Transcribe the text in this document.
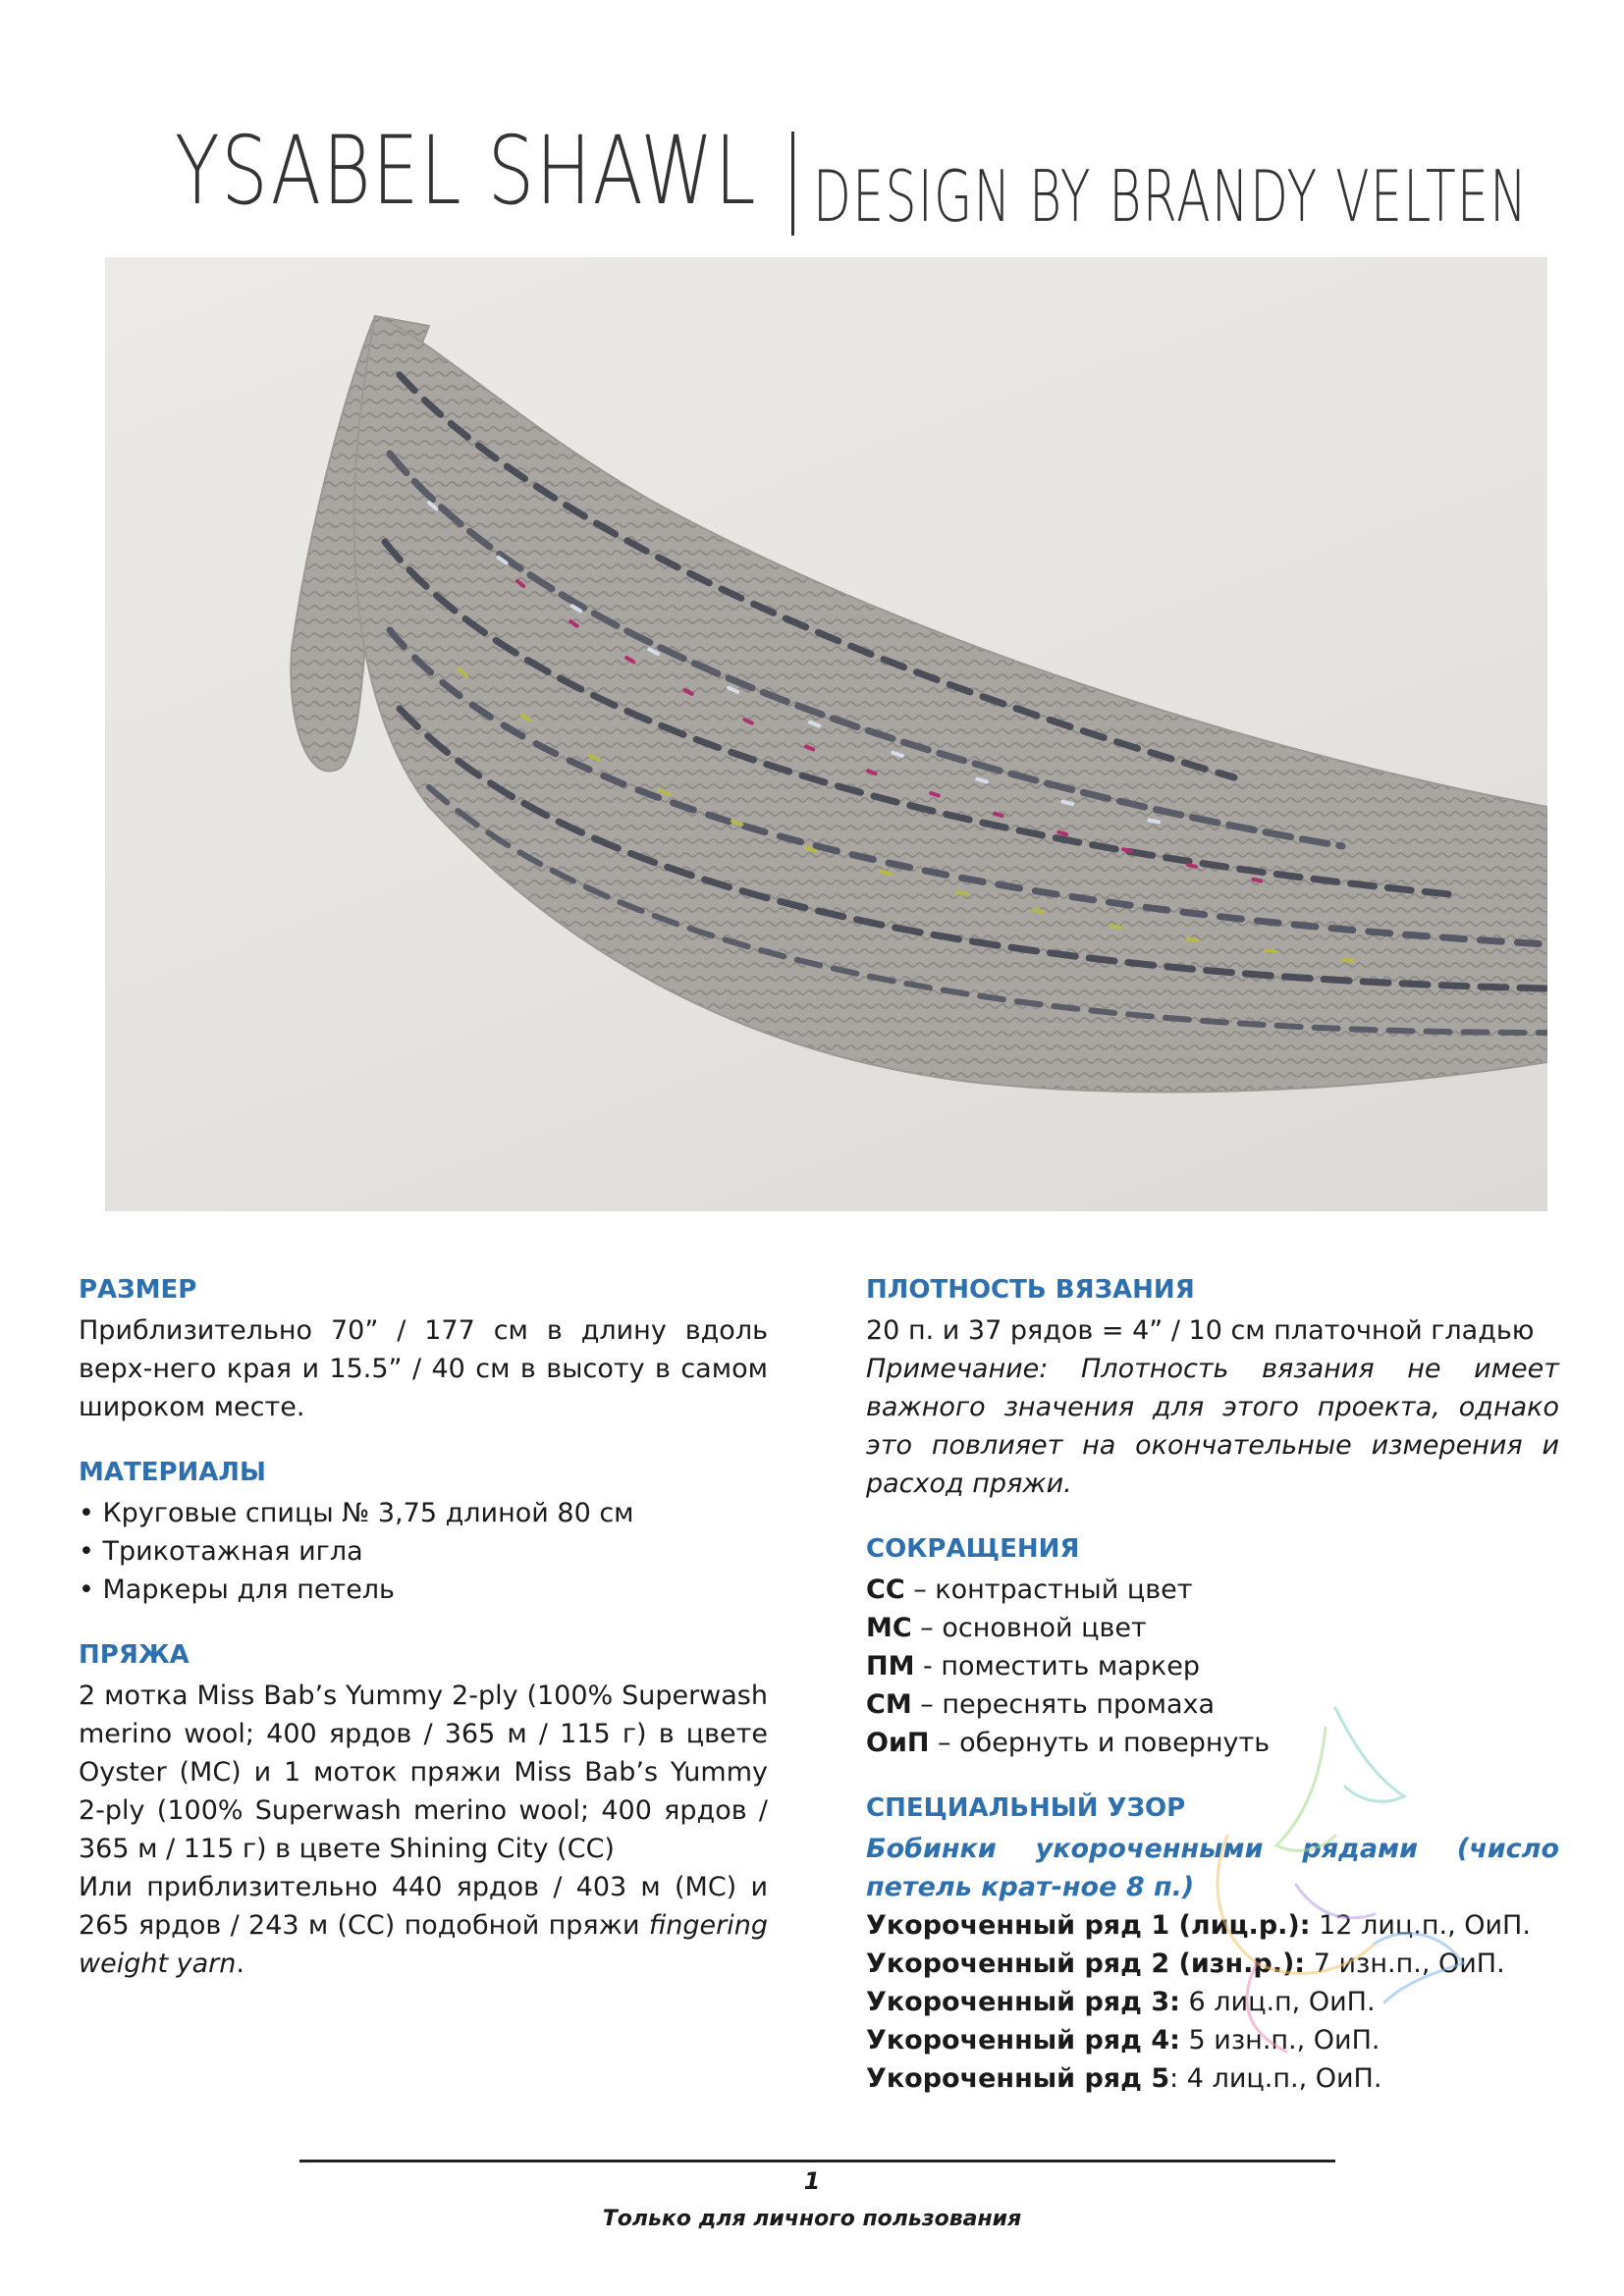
YSABEL SHAWL DESIGN BY BRANDY VELTEN
РАЗМЕР

Приблизительно 70” / 177 см в длину вдоль верх-него края и 15.5” / 40 см в высоту в самом широком месте.

МАТЕРИАЛЫ

• Круговые спицы № 3,75 длиной 80 см

• Трикотажная игла

• Маркеры для петель

ПРЯЖА

2 мотка Miss Bab’s Yummy 2-ply (100% Superwash merino wool; 400 ярдов / 365 м / 115 г) в цвете Oyster (MC) и 1 моток пряжи Miss Bab’s Yummy 2-ply (100% Superwash merino wool; 400 ярдов / 365 м / 115 г) в цвете Shining City (CC)

Или приблизительно 440 ярдов / 403 м (MC) и 265 ярдов / 243 м (CC) подобной пряжи fingering weight yarn.

ПЛОТНОСТЬ ВЯЗАНИЯ

20 п. и 37 рядов = 4” / 10 см платочной гладью

Примечание: Плотность вязания не имеет важного значения для этого проекта, однако это повлияет на окончательные измерения и расход пряжи.

СОКРАЩЕНИЯ

CC – контрастный цвет

MC – основной цвет

ПМ - поместить маркер

СМ – переснять промаха

ОиП – обернуть и повернуть

СПЕЦИАЛЬНЫЙ УЗОР

Бобинки укороченными рядами (число петель крат-ное 8 п.)

Укороченный ряд 1 (лиц.р.): 12 лиц.п., ОиП.

Укороченный ряд 2 (изн.р.): 7 изн.п., ОиП.

Укороченный ряд 3: 6 лиц.п, ОиП.

Укороченный ряд 4: 5 изн.п., ОиП.

Укороченный ряд 5: 4 лиц.п., ОиП.

1
Только для личного пользования
